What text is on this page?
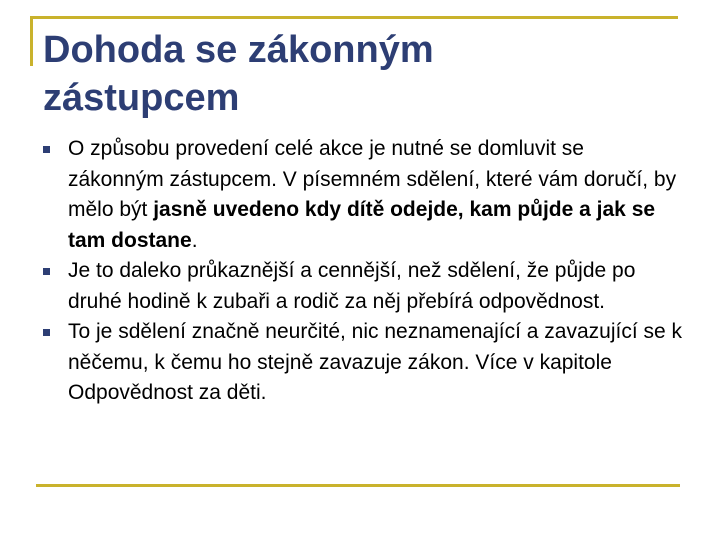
Dohoda se zákonným
zástupcem
O způsobu provedení celé akce je nutné se domluvit se zákonným zástupcem. V písemném sdělení, které vám doručí, by mělo být jasně uvedeno kdy dítě odejde, kam půjde a jak se tam dostane.
Je to daleko průkaznější a cennější, než sdělení, že půjde po druhé hodině k zubaři a rodič za něj přebírá odpovědnost.
To je sdělení značně neurčité, nic neznamenající a zavazující se k něčemu, k čemu ho stejně zavazuje zákon. Více v kapitole Odpovědnost za děti.
